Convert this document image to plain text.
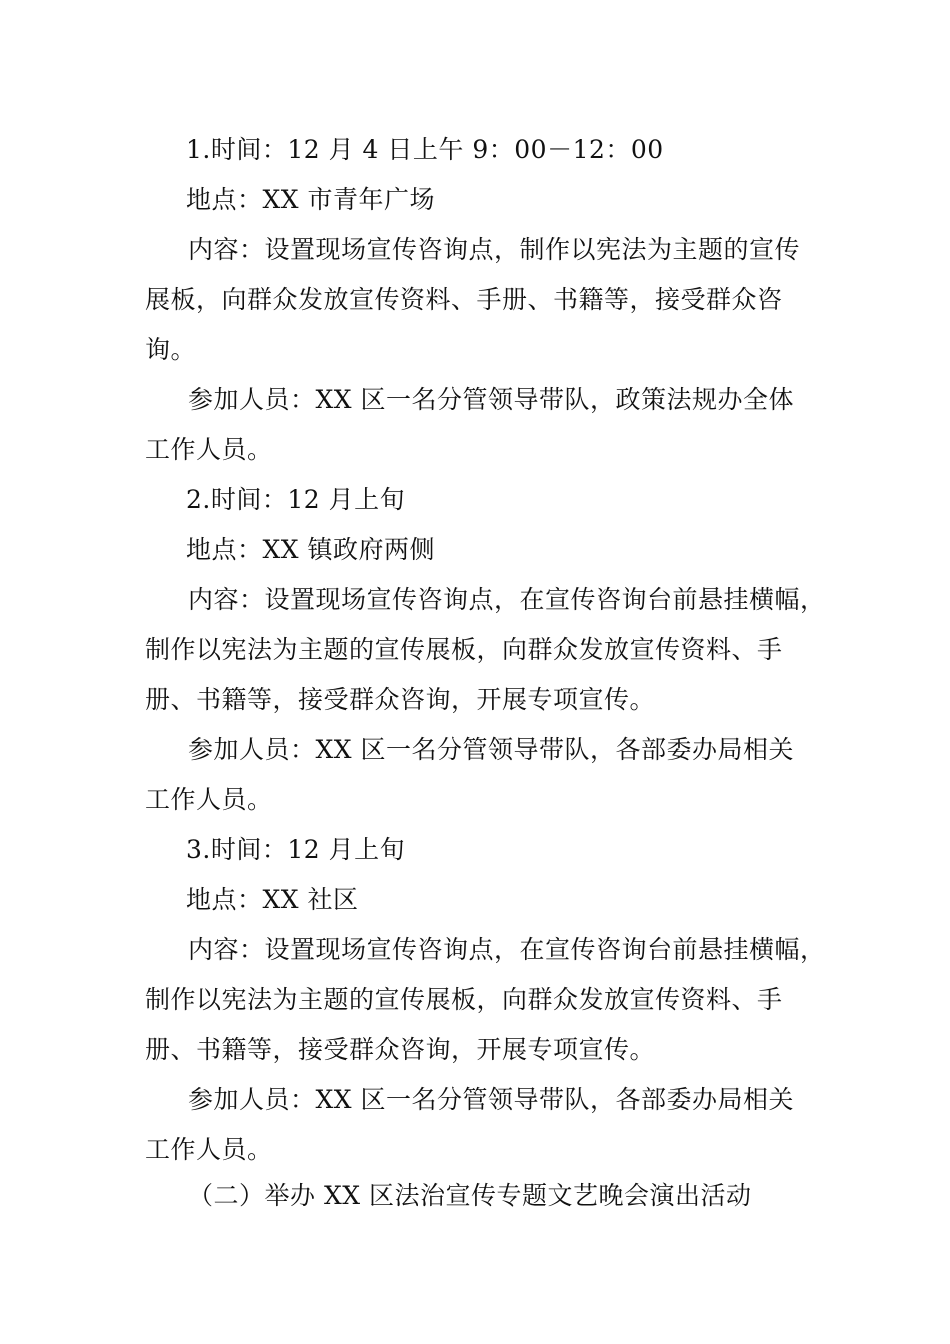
1.时间：12 月 4 日上午 9：00－12：00
地点：XX 市青年广场
内容：设置现场宣传咨询点，制作以宪法为主题的宣传
展板，向群众发放宣传资料、手册、书籍等，接受群众咨
询。
参加人员：XX 区一名分管领导带队，政策法规办全体
工作人员。
2.时间：12 月上旬
地点：XX 镇政府两侧
内容：设置现场宣传咨询点，在宣传咨询台前悬挂横幅，
制作以宪法为主题的宣传展板，向群众发放宣传资料、手
册、书籍等，接受群众咨询，开展专项宣传。
参加人员：XX 区一名分管领导带队，各部委办局相关
工作人员。
3.时间：12 月上旬
地点：XX 社区
内容：设置现场宣传咨询点，在宣传咨询台前悬挂横幅，
制作以宪法为主题的宣传展板，向群众发放宣传资料、手
册、书籍等，接受群众咨询，开展专项宣传。
参加人员：XX 区一名分管领导带队，各部委办局相关
工作人员。
（二）举办 XX 区法治宣传专题文艺晚会演出活动
